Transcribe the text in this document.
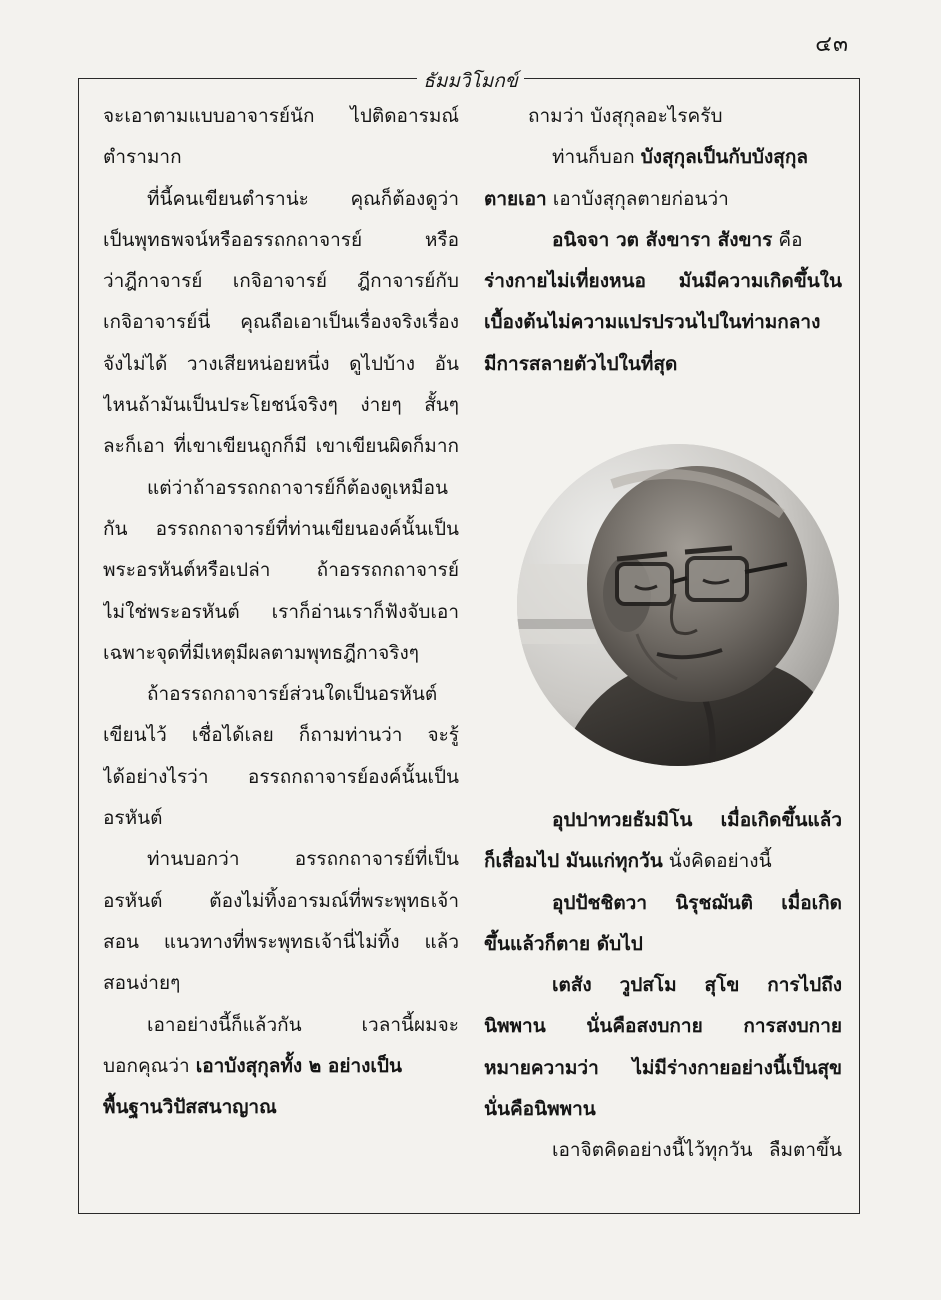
๔๓
ธัมมวิโมกข์
จะเอาตามแบบอาจารย์นัก ไปติดอารมณ์
ตำรามาก
ที่นี้คนเขียนตำราน่ะ คุณก็ต้องดูว่า
เป็นพุทธพจน์หรืออรรถกถาจารย์ หรือ
ว่าฎีกาจารย์ เกจิอาจารย์ ฎีกาจารย์กับ
เกจิอาจารย์นี่ คุณถือเอาเป็นเรื่องจริงเรื่อง
จังไม่ได้ วางเสียหน่อยหนึ่ง ดูไปบ้าง อัน
ไหนถ้ามันเป็นประโยชน์จริงๆ ง่ายๆ สั้นๆ
ละก็เอา ที่เขาเขียนถูกก็มี เขาเขียนผิดก็มาก
แต่ว่าถ้าอรรถกถาจารย์ก็ต้องดูเหมือน
กัน อรรถกถาจารย์ที่ท่านเขียนองค์นั้นเป็น
พระอรหันต์หรือเปล่า ถ้าอรรถกถาจารย์
ไม่ใช่พระอรหันต์ เราก็อ่านเราก็ฟังจับเอา
เฉพาะจุดที่มีเหตุมีผลตามพุทธฎีกาจริงๆ
ถ้าอรรถกถาจารย์ส่วนใดเป็นอรหันต์
เขียนไว้ เชื่อได้เลย ก็ถามท่านว่า จะรู้
ได้อย่างไรว่า อรรถกถาจารย์องค์นั้นเป็น
อรหันต์
ท่านบอกว่า อรรถกถาจารย์ที่เป็น
อรหันต์ ต้องไม่ทิ้งอารมณ์ที่พระพุทธเจ้า
สอน แนวทางที่พระพุทธเจ้านี่ไม่ทิ้ง แล้ว
สอนง่ายๆ
เอาอย่างนี้ก็แล้วกัน เวลานี้ผมจะ
บอกคุณว่า เอาบังสุกุลทั้ง ๒ อย่างเป็น
พื้นฐานวิปัสสนาญาณ
ถามว่า บังสุกุลอะไรครับ
ท่านก็บอก บังสุกุลเป็นกับบังสุกุล
ตายเอา เอาบังสุกุลตายก่อนว่า
อนิจจา วต สังขารา สังขาร คือ
ร่างกายไม่เที่ยงหนอ มันมีความเกิดขึ้นใน
เบื้องต้นไม่ความแปรปรวนไปในท่ามกลาง
มีการสลายตัวไปในที่สุด
อุปปาทวยธัมมิโน เมื่อเกิดขึ้นแล้ว
ก็เสื่อมไป มันแก่ทุกวัน นั่งคิดอย่างนี้
อุปปัชชิตวา นิรุชฌันติ เมื่อเกิด
ขึ้นแล้วก็ตาย ดับไป
เตสัง วูปสโม สุโข การไปถึง
นิพพาน นั่นคือสงบกาย การสงบกาย
หมายความว่า ไม่มีร่างกายอย่างนี้เป็นสุข
นั่นคือนิพพาน
เอาจิตคิดอย่างนี้ไว้ทุกวัน ลืมตาขึ้น
